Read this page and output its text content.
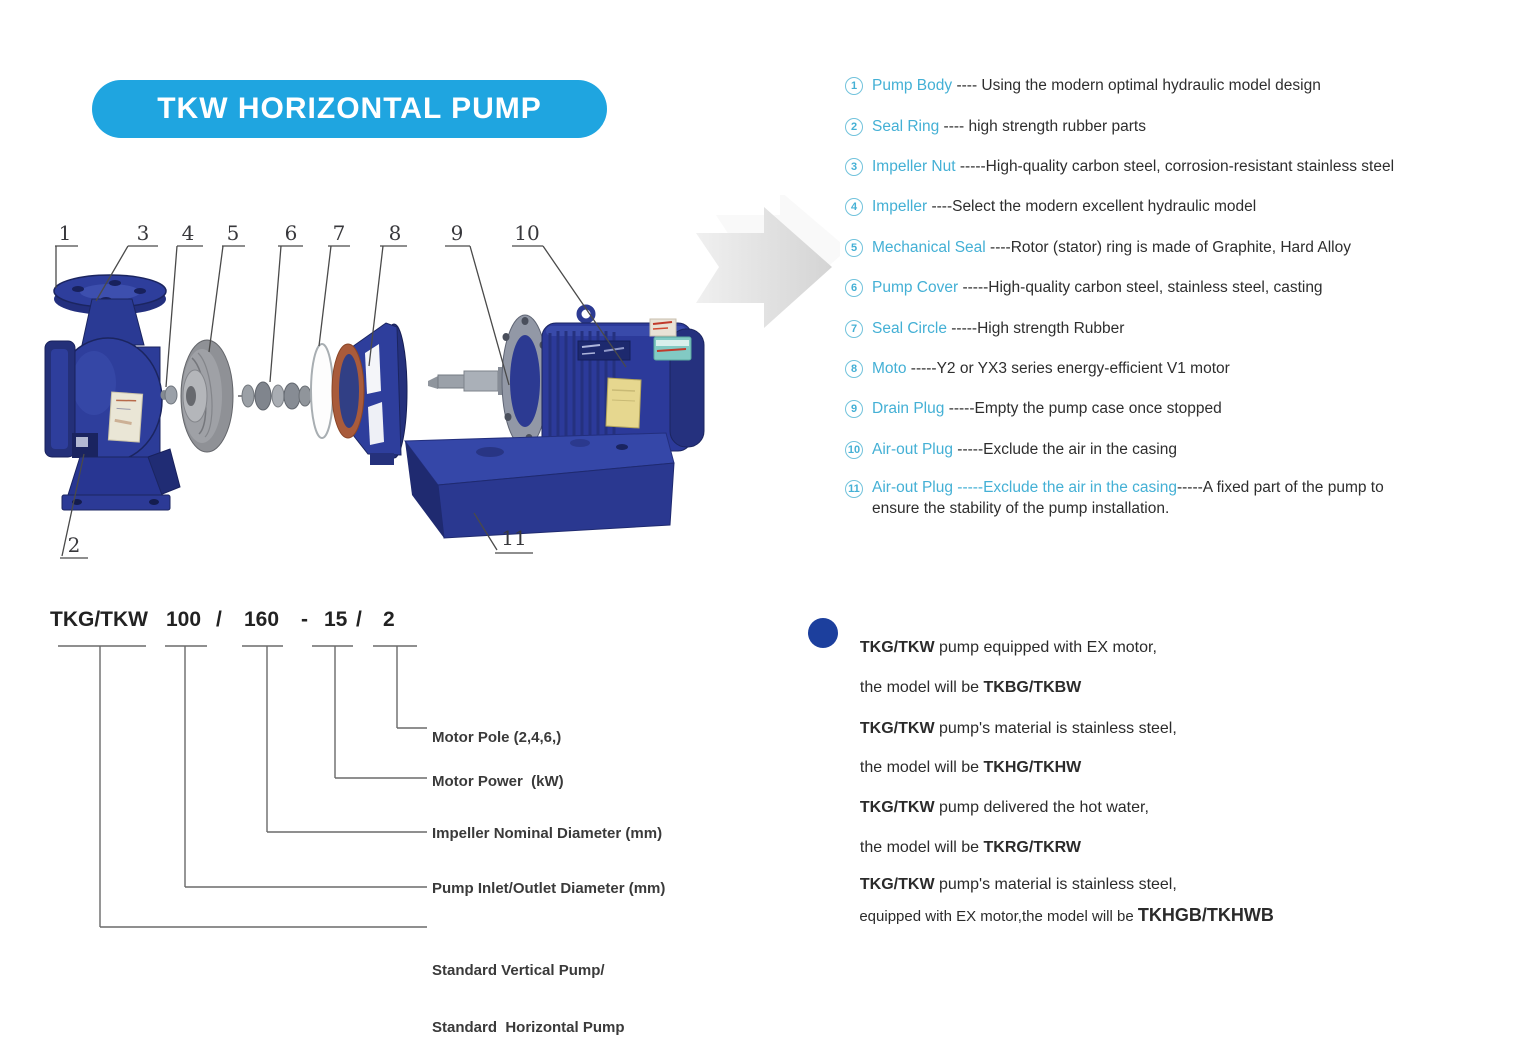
TKW HORIZONTAL PUMP
1
2
3 4 5 6 7 8 9	10
11
1 Pump Body ---- Using the modern optimal hydraulic model design
2 Seal Ring ---- high strength rubber parts
3 Impeller Nut -----High-quality carbon steel, corrosion-resistant stainless steel
4 Impeller ----Select the modern excellent hydraulic model
5 Mechanical Seal ----Rotor (stator) ring is made of Graphite, Hard Alloy
6 Pump Cover -----High-quality carbon steel, stainless steel, casting
7 Seal Circle -----High strength Rubber
8 Moto -----Y2 or YX3 series energy-efficient V1 motor
9 Drain Plug -----Empty the pump case once stopped
10 Air-out Plug -----Exclude the air in the casing
11 Air-out Plug -----Exclude the air in the casing-----A fixed part of the pump to
ensure the stability of the pump installation.
TKG/TKW 100 / 160 - 15 / 2
Motor Pole (2,4,6,)
Motor Power  (kW)
Impeller Nominal Diameter (mm)
Pump Inlet/Outlet Diameter (mm)

Standard Vertical Pump/

Standard  Horizontal Pump

TKG/TKW pump equipped with EX motor,

the model will be TKBG/TKBW

TKG/TKW pump's material is stainless steel,

the model will be TKHG/TKHW

TKG/TKW pump delivered the hot water,

the model will be TKRG/TKRW

TKG/TKW pump's material is stainless steel,

equipped with EX motor,the model will be TKHGB/TKHWB
